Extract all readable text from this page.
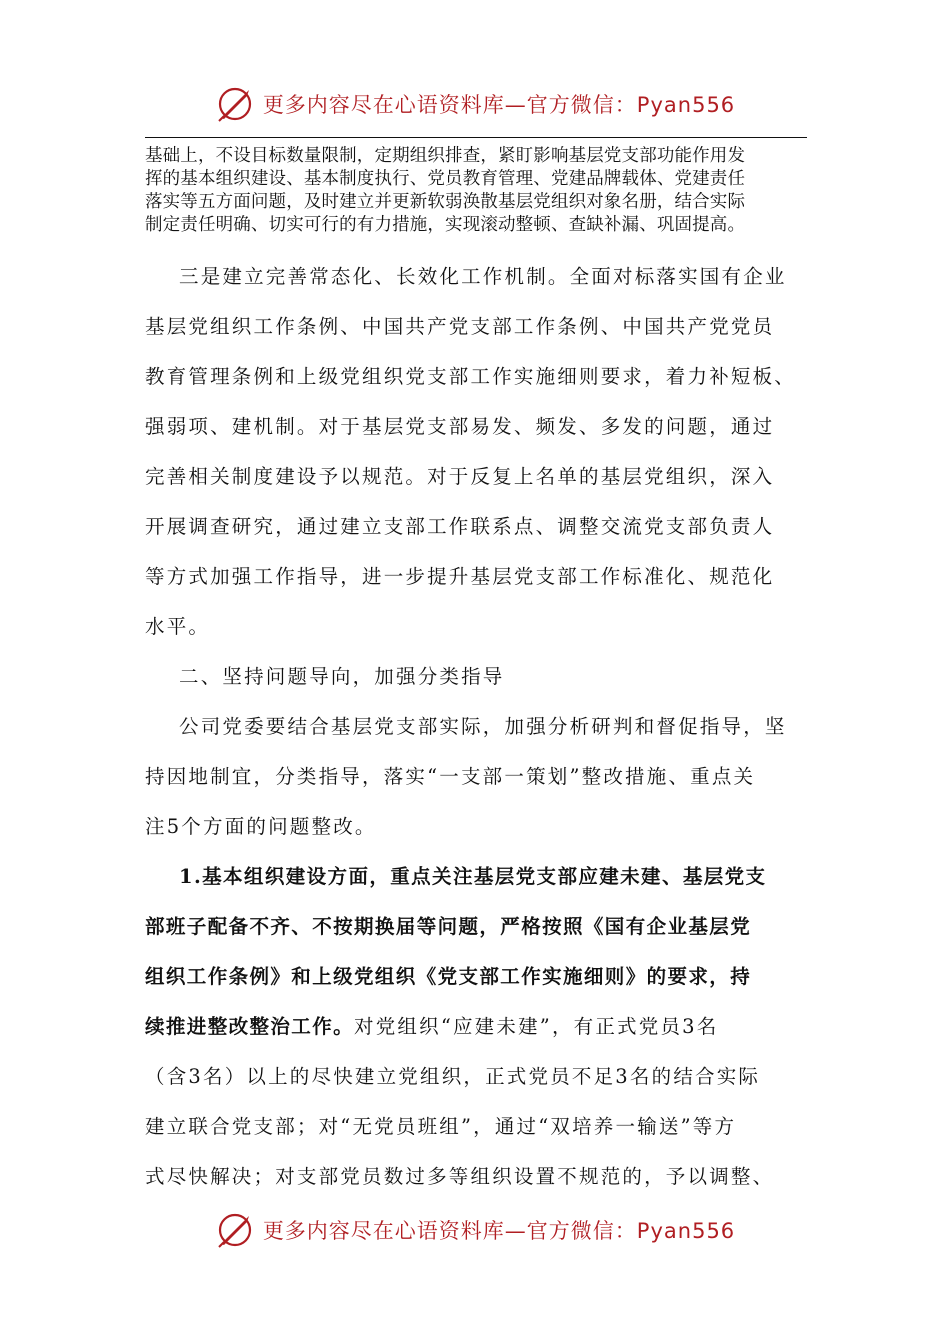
更多内容尽在心语资料库—官方微信：Pyan556
基础上，不设目标数量限制，定期组织排查，紧盯影响基层党支部功能作用发
挥的基本组织建设、基本制度执行、党员教育管理、党建品牌载体、党建责任
落实等五方面问题，及时建立并更新软弱涣散基层党组织对象名册，结合实际
制定责任明确、切实可行的有力措施，实现滚动整顿、查缺补漏、巩固提高。
三是建立完善常态化、长效化工作机制。全面对标落实国有企业
基层党组织工作条例、中国共产党支部工作条例、中国共产党党员
教育管理条例和上级党组织党支部工作实施细则要求，着力补短板、
强弱项、建机制。对于基层党支部易发、频发、多发的问题，通过
完善相关制度建设予以规范。对于反复上名单的基层党组织，深入
开展调查研究，通过建立支部工作联系点、调整交流党支部负责人
等方式加强工作指导，进一步提升基层党支部工作标准化、规范化
水平。
二、坚持问题导向，加强分类指导
公司党委要结合基层党支部实际，加强分析研判和督促指导，坚
持因地制宜，分类指导，落实“一支部一策划”整改措施、重点关
注5个方面的问题整改。
1.基本组织建设方面，重点关注基层党支部应建未建、基层党支
部班子配备不齐、不按期换届等问题，严格按照《国有企业基层党
组织工作条例》和上级党组织《党支部工作实施细则》的要求，持
续推进整改整治工作。对党组织“应建未建”，有正式党员3名
（含3名）以上的尽快建立党组织，正式党员不足3名的结合实际
建立联合党支部；对“无党员班组”，通过“双培养一输送”等方
式尽快解决；对支部党员数过多等组织设置不规范的，予以调整、
更多内容尽在心语资料库—官方微信：Pyan556
